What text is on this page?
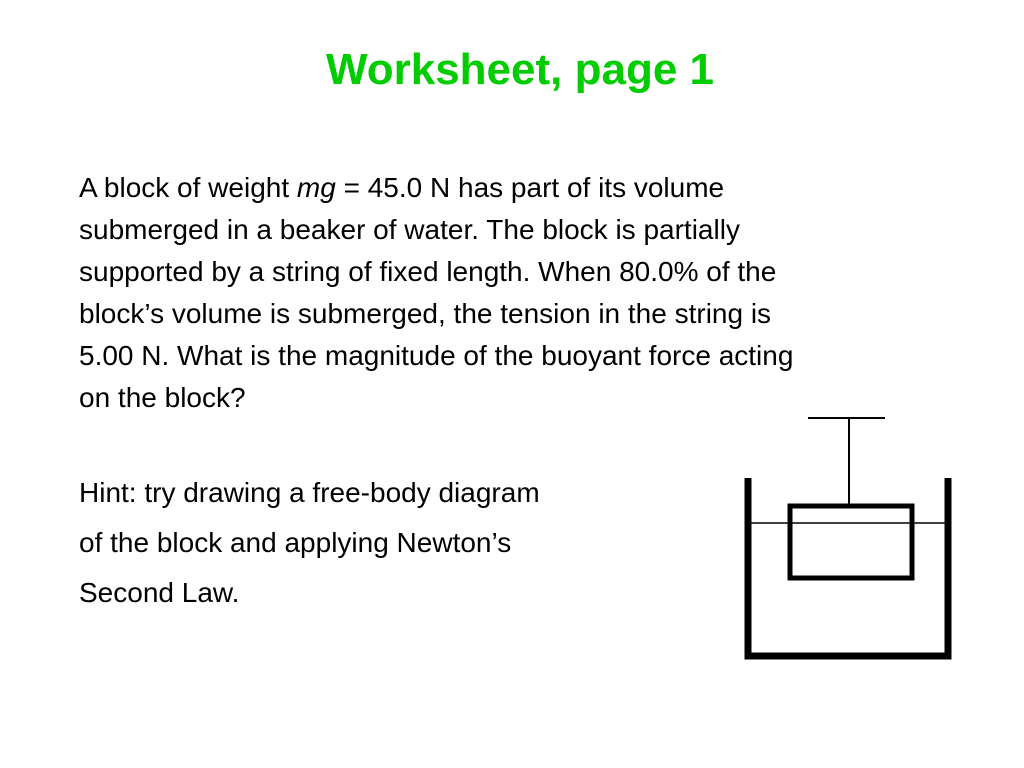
Worksheet, page 1

A block of weight mg = 45.0 N has part of its volume
submerged in a beaker of water. The block is partially
supported by a string of fixed length. When 80.0% of the
block’s volume is submerged, the tension in the string is
5.00 N. What is the magnitude of the buoyant force acting
on the block?

Hint: try drawing a free-body diagram
of the block and applying Newton’s
Second Law.
